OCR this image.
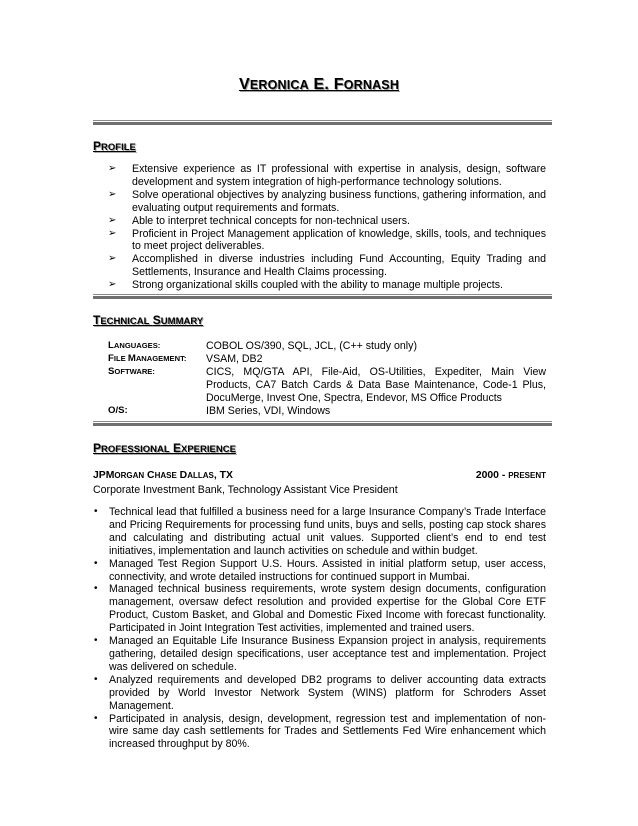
VERONICA E. FORNASH
PROFILE
➢ Extensive experience as IT professional with expertise in analysis, design, software development and system integration of high-performance technology solutions.
➢ Solve operational objectives by analyzing business functions, gathering information, and evaluating output requirements and formats.
➢ Able to interpret technical concepts for non-technical users.
➢ Proficient in Project Management application of knowledge, skills, tools, and techniques to meet project deliverables.
➢ Accomplished in diverse industries including Fund Accounting, Equity Trading and Settlements, Insurance and Health Claims processing.
➢ Strong organizational skills coupled with the ability to manage multiple projects.
TECHNICAL SUMMARY
LANGUAGES:	COBOL OS/390, SQL, JCL, (C++ study only)
FILE MANAGEMENT:	VSAM, DB2
SOFTWARE:	CICS, MQ/GTA API, File-Aid, OS-Utilities, Expediter, Main View Products, CA7 Batch Cards & Data Base Maintenance, Code-1 Plus, DocuMerge, Invest One, Spectra, Endevor, MS Office Products
O/S:	IBM Series, VDI, Windows
PROFESSIONAL EXPERIENCE
JPMORGAN CHASE DALLAS, TX	2000 - PRESENT
Corporate Investment Bank, Technology Assistant Vice President
• Technical lead that fulfilled a business need for a large Insurance Company’s Trade Interface and Pricing Requirements for processing fund units, buys and sells, posting cap stock shares and calculating and distributing actual unit values. Supported client’s end to end test initiatives, implementation and launch activities on schedule and within budget.
• Managed Test Region Support U.S. Hours. Assisted in initial platform setup, user access, connectivity, and wrote detailed instructions for continued support in Mumbai.
• Managed technical business requirements, wrote system design documents, configuration management, oversaw defect resolution and provided expertise for the Global Core ETF Product, Custom Basket, and Global and Domestic Fixed Income with forecast functionality. Participated in Joint Integration Test activities, implemented and trained users.
• Managed an Equitable Life Insurance Business Expansion project in analysis, requirements gathering, detailed design specifications, user acceptance test and implementation. Project was delivered on schedule.
• Analyzed requirements and developed DB2 programs to deliver accounting data extracts provided by World Investor Network System (WINS) platform for Schroders Asset Management.
• Participated in analysis, design, development, regression test and implementation of non-wire same day cash settlements for Trades and Settlements Fed Wire enhancement which increased throughput by 80%.
